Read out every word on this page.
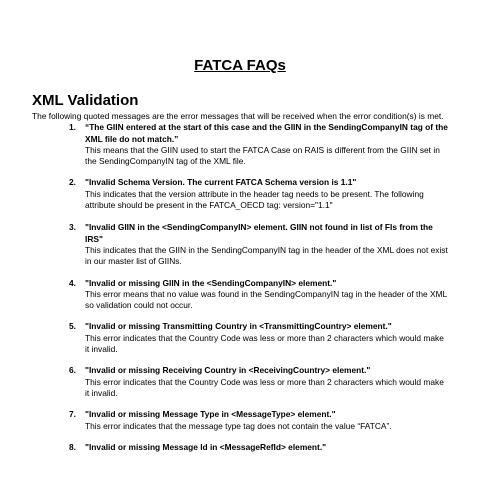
FATCA FAQs
XML Validation

The following quoted messages are the error messages that will be received when the error condition(s) is met.

1. “The GIIN entered at the start of this case and the GIIN in the SendingCompanyIN tag of the XML file do not match.”
This means that the GIIN used to start the FATCA Case on RAIS is different from the GIIN set in the SendingCompanyIN tag of the XML file.
2. "Invalid Schema Version. The current FATCA Schema version is 1.1"
This indicates that the version attribute in the header tag needs to be present. The following attribute should be present in the FATCA_OECD tag: version="1.1"
3. "Invalid GIIN in the <SendingCompanyIN> element. GIIN not found in list of FIs from the IRS"
This indicates that the GIIN in the SendingCompanyIN tag in the header of the XML does not exist in our master list of GIINs.
4. "Invalid or missing GIIN in the <SendingCompanyIN> element."
This error means that no value was found in the SendingCompanyIN tag in the header of the XML so validation could not occur.
5. "Invalid or missing Transmitting Country in <TransmittingCountry> element."
This error indicates that the Country Code was less or more than 2 characters which would make it invalid.
6. "Invalid or missing Receiving Country in <ReceivingCountry> element."
This error indicates that the Country Code was less or more than 2 characters which would make it invalid.
7. "Invalid or missing Message Type in <MessageType> element."
This error indicates that the message type tag does not contain the value “FATCA”.
8. "Invalid or missing Message Id in <MessageRefId> element."
